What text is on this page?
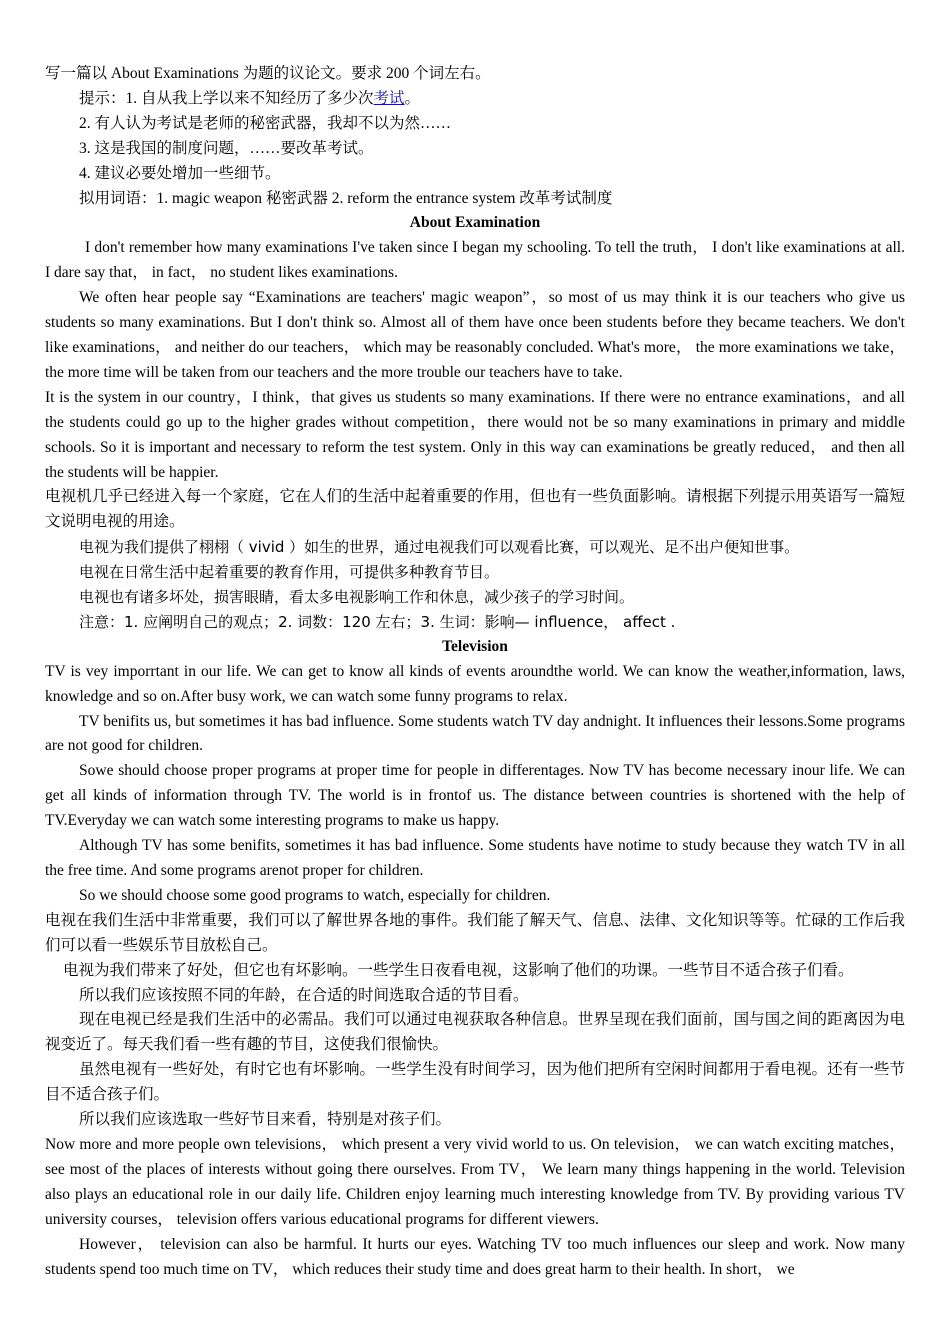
写一篇以 About Examinations 为题的议论文。要求 200 个词左右。

提示：1. 自从我上学以来不知经历了多少次考试。

2. 有人认为考试是老师的秘密武器，我却不以为然……

3. 这是我国的制度问题，……要改革考试。

4. 建议必要处增加一些细节。

拟用词语：1. magic weapon 秘密武器 2. reform the entrance system 改革考试制度

About Examination

I don't remember how many examinations I've taken since I began my schooling. To tell the truth， I don't like examinations at all. I dare say that， in fact， no student likes examinations.

We often hear people say “Examinations are teachers' magic weapon”，so most of us may think it is our teachers who give us students so many examinations. But I don't think so. Almost all of them have once been students before they became teachers. We don't like examinations， and neither do our teachers， which may be reasonably concluded. What's more， the more examinations we take， the more time will be taken from our teachers and the more trouble our teachers have to take.

It is the system in our country，I think，that gives us students so many examinations. If there were no entrance examinations，and all the students could go up to the higher grades without competition，there would not be so many examinations in primary and middle schools. So it is important and necessary to reform the test system. Only in this way can examinations be greatly reduced， and then all the students will be happier.

电视机几乎已经进入每一个家庭，它在人们的生活中起着重要的作用，但也有一些负面影响。请根据下列提示用英语写一篇短文说明电视的用途。

电视为我们提供了栩栩（ vivid ）如生的世界，通过电视我们可以观看比赛，可以观光、足不出户便知世事。

电视在日常生活中起着重要的教育作用，可提供多种教育节目。

电视也有诸多坏处，损害眼睛，看太多电视影响工作和休息，减少孩子的学习时间。

注意：1. 应阐明自己的观点；2. 词数：120 左右；3. 生词：影响— influence， affect .

Television

TV is vey imporrtant in our life. We can get to know all kinds of events aroundthe world. We can know the weather,information, laws, knowledge and so on.After busy work, we can watch some funny programs to relax.

TV benifits us, but sometimes it has bad influence. Some students watch TV day andnight. It influences their lessons.Some programs are not good for children.

Sowe should choose proper programs at proper time for people in differentages. Now TV has become necessary inour life. We can get all kinds of information through TV. The world is in frontof us. The distance between countries is shortened with the help of TV.Everyday we can watch some interesting programs to make us happy.

Although TV has some benifits, sometimes it has bad influence. Some students have notime to study because they watch TV in all the free time. And some programs arenot proper for children.

So we should choose some good programs to watch, especially for children.

电视在我们生活中非常重要，我们可以了解世界各地的事件。我们能了解天气、信息、法律、文化知识等等。忙碌的工作后我们可以看一些娱乐节目放松自己。

电视为我们带来了好处，但它也有坏影响。一些学生日夜看电视，这影响了他们的功课。一些节目不适合孩子们看。

所以我们应该按照不同的年龄，在合适的时间选取合适的节目看。

现在电视已经是我们生活中的必需品。我们可以通过电视获取各种信息。世界呈现在我们面前，国与国之间的距离因为电视变近了。每天我们看一些有趣的节目，这使我们很愉快。

虽然电视有一些好处，有时它也有坏影响。一些学生没有时间学习，因为他们把所有空闲时间都用于看电视。还有一些节目不适合孩子们。

所以我们应该选取一些好节目来看，特别是对孩子们。

Now more and more people own televisions， which present a very vivid world to us. On television， we can watch exciting matches， see most of the places of interests without going there ourselves. From TV， We learn many things happening in the world. Television also plays an educational role in our daily life. Children enjoy learning much interesting knowledge from TV. By providing various TV university courses， television offers various educational programs for different viewers.

However， television can also be harmful. It hurts our eyes. Watching TV too much influences our sleep and work. Now many students spend too much time on TV， which reduces their study time and does great harm to their health. In short， we
